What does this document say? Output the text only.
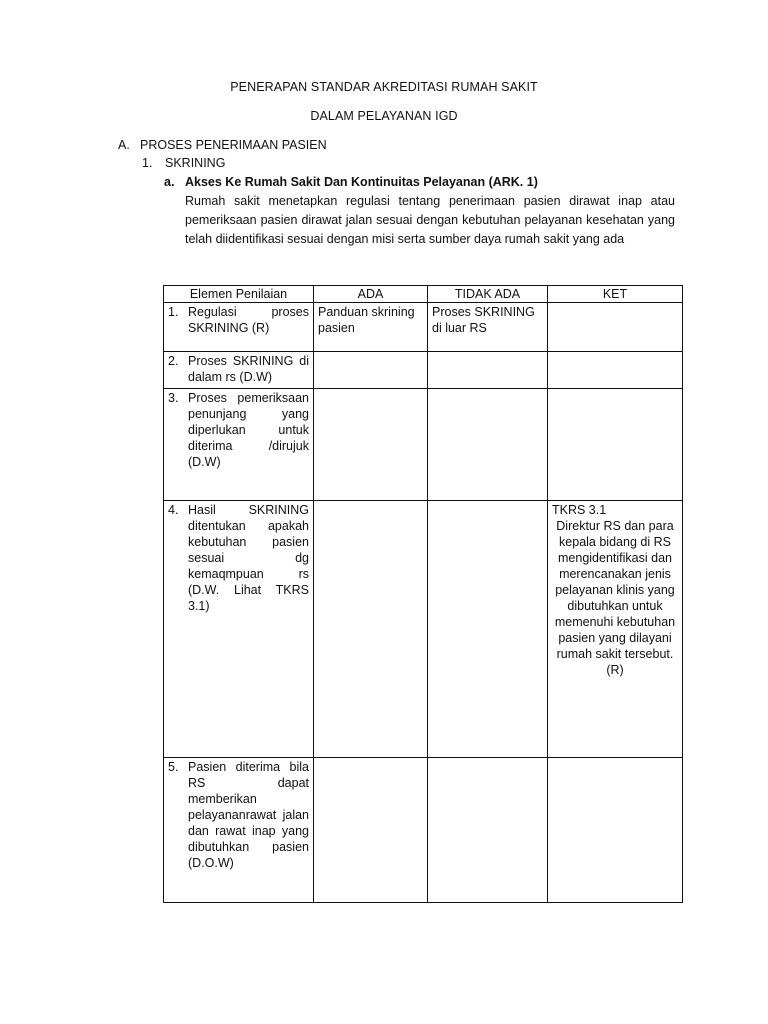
PENERAPAN STANDAR AKREDITASI RUMAH SAKIT
DALAM PELAYANAN IGD
A. PROSES PENERIMAAN PASIEN
1. SKRINING
a. Akses Ke Rumah Sakit Dan Kontinuitas Pelayanan (ARK. 1)
Rumah sakit menetapkan regulasi tentang penerimaan pasien dirawat inap atau pemeriksaan pasien dirawat jalan sesuai dengan kebutuhan pelayanan kesehatan yang telah diidentifikasi sesuai dengan misi serta sumber daya rumah sakit yang ada
Elemen Penilaian	ADA	TIDAK ADA	KET

1. Regulasi proses SKRINING (R)	Panduan skrining pasien	Proses SKRINING di luar RS	

2. Proses SKRINING di dalam rs (D.W)			

3. Proses pemeriksaan penunjang yang diperlukan untuk diterima /dirujuk (D.W)			

4. Hasil SKRINING ditentukan apakah kebutuhan pasien sesuai dg kemaqmpuan rs (D.W. Lihat TKRS 3.1)			TKRS 3.1
Direktur RS dan para kepala bidang di RS mengidentifikasi dan merencanakan jenis pelayanan klinis yang dibutuhkan untuk memenuhi kebutuhan pasien yang dilayani rumah sakit tersebut. (R)

5. Pasien diterima bila RS dapat memberikan pelayananrawat jalan dan rawat inap yang dibutuhkan pasien (D.O.W)			
